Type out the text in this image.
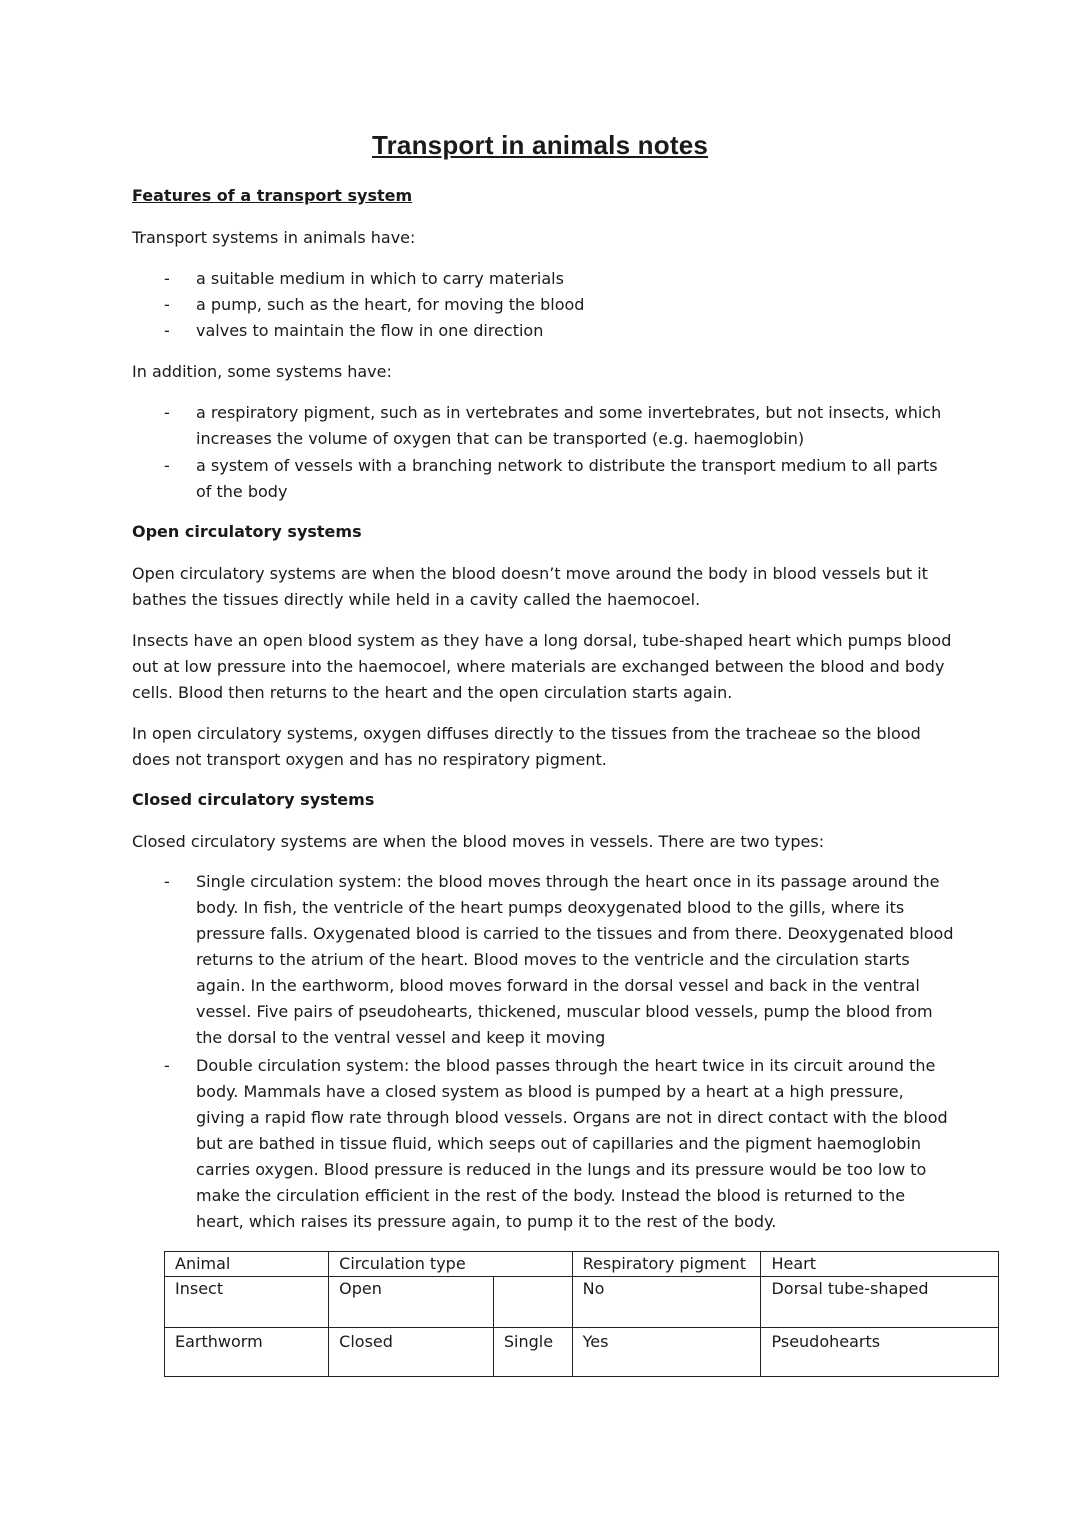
Transport in animals notes
Features of a transport system
Transport systems in animals have:
- a suitable medium in which to carry materials
- a pump, such as the heart, for moving the blood
- valves to maintain the flow in one direction
In addition, some systems have:
- a respiratory pigment, such as in vertebrates and some invertebrates, but not insects, which increases the volume of oxygen that can be transported (e.g. haemoglobin)
- a system of vessels with a branching network to distribute the transport medium to all parts of the body
Open circulatory systems
Open circulatory systems are when the blood doesn’t move around the body in blood vessels but it bathes the tissues directly while held in a cavity called the haemocoel.
Insects have an open blood system as they have a long dorsal, tube-shaped heart which pumps blood out at low pressure into the haemocoel, where materials are exchanged between the blood and body cells. Blood then returns to the heart and the open circulation starts again.
In open circulatory systems, oxygen diffuses directly to the tissues from the tracheae so the blood does not transport oxygen and has no respiratory pigment.
Closed circulatory systems
Closed circulatory systems are when the blood moves in vessels. There are two types:
- Single circulation system: the blood moves through the heart once in its passage around the body. In fish, the ventricle of the heart pumps deoxygenated blood to the gills, where its pressure falls. Oxygenated blood is carried to the tissues and from there. Deoxygenated blood returns to the atrium of the heart. Blood moves to the ventricle and the circulation starts again. In the earthworm, blood moves forward in the dorsal vessel and back in the ventral vessel. Five pairs of pseudohearts, thickened, muscular blood vessels, pump the blood from the dorsal to the ventral vessel and keep it moving
- Double circulation system: the blood passes through the heart twice in its circuit around the body. Mammals have a closed system as blood is pumped by a heart at a high pressure, giving a rapid flow rate through blood vessels. Organs are not in direct contact with the blood but are bathed in tissue fluid, which seeps out of capillaries and the pigment haemoglobin carries oxygen. Blood pressure is reduced in the lungs and its pressure would be too low to make the circulation efficient in the rest of the body. Instead the blood is returned to the heart, which raises its pressure again, to pump it to the rest of the body.
Animal	Circulation type		Respiratory pigment	Heart
Insect	Open		No	Dorsal tube-shaped
Earthworm	Closed	Single	Yes	Pseudohearts
